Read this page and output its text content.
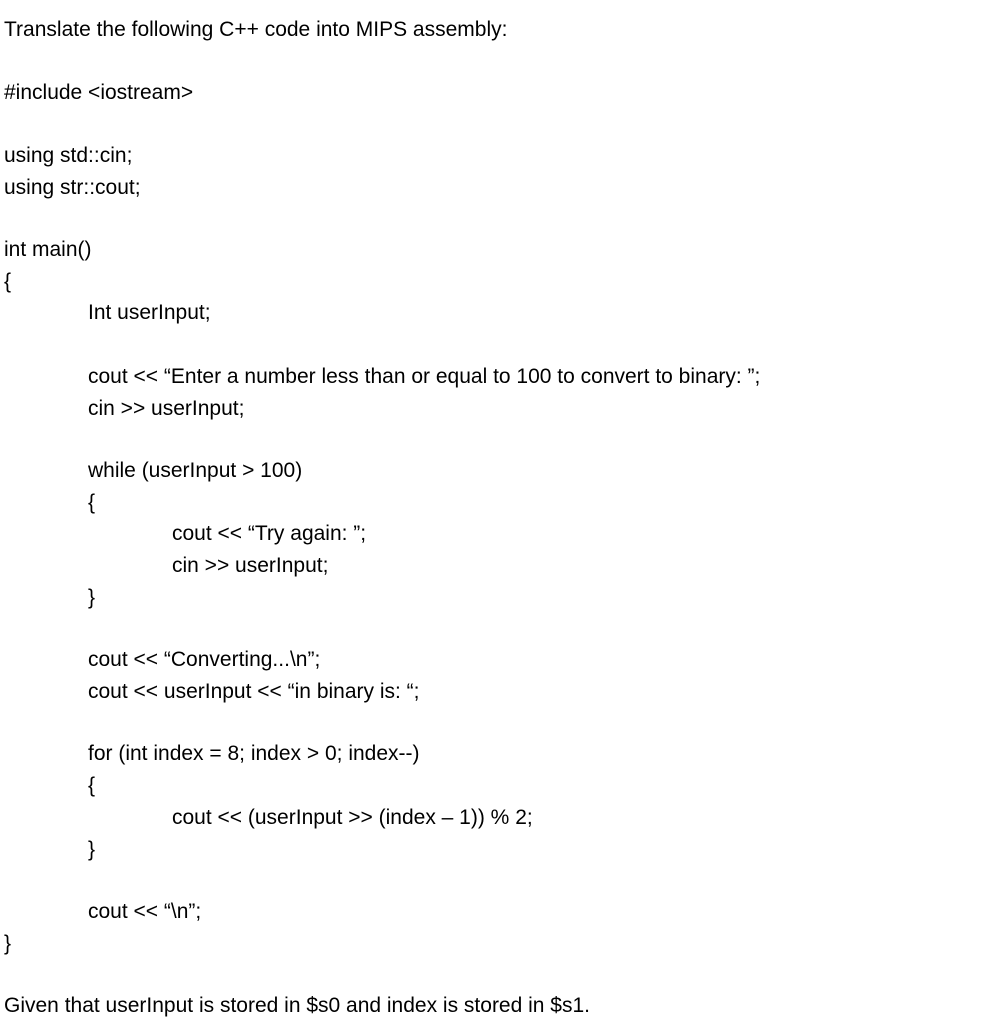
Translate the following C++ code into MIPS assembly:
#include <iostream>
using std::cin;
using str::cout;
int main()
{
Int userInput;
cout << “Enter a number less than or equal to 100 to convert to binary: ”;
cin >> userInput;
while (userInput > 100)
{
cout << “Try again: ”;
cin >> userInput;
}
cout << “Converting...\n”;
cout << userInput << “in binary is: “;
for (int index = 8; index > 0; index--)
{
cout << (userInput >> (index – 1)) % 2;
}
cout << “\n”;
}
Given that userInput is stored in $s0 and index is stored in $s1.
